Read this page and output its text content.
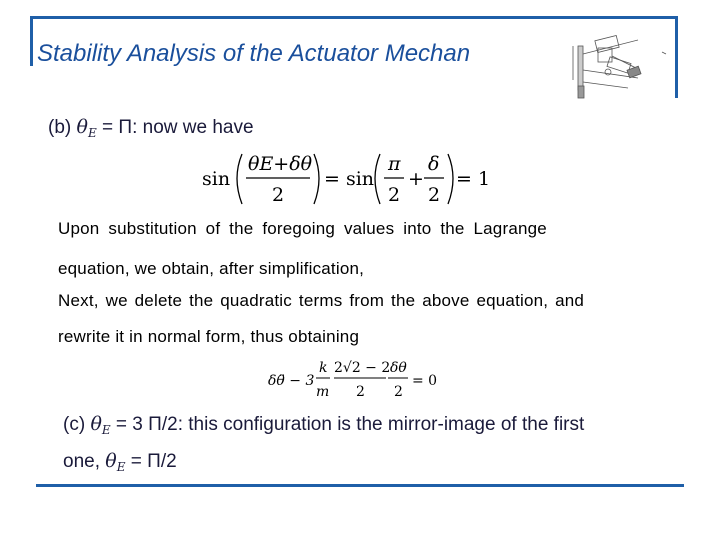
Stability Analysis of the Actuator Mechan
(b) $\theta_E = \Pi$: now we have
sin
θE+δθ
2
= sin
π
2
+
δ
2
= 1
Upon substitution of the foregoing values into the Lagrange
equation, we obtain, after simplification,
Next, we delete the quadratic terms from the above equation, and
rewrite it in normal form, thus obtaining
δθ̈ − 3
k
m
2√2 − 2
2
δθ
2
= 0
(c) $\theta_E = 3$ Π/2: this configuration is the mirror-image of the first
one, $\theta_E = \Pi/2$
